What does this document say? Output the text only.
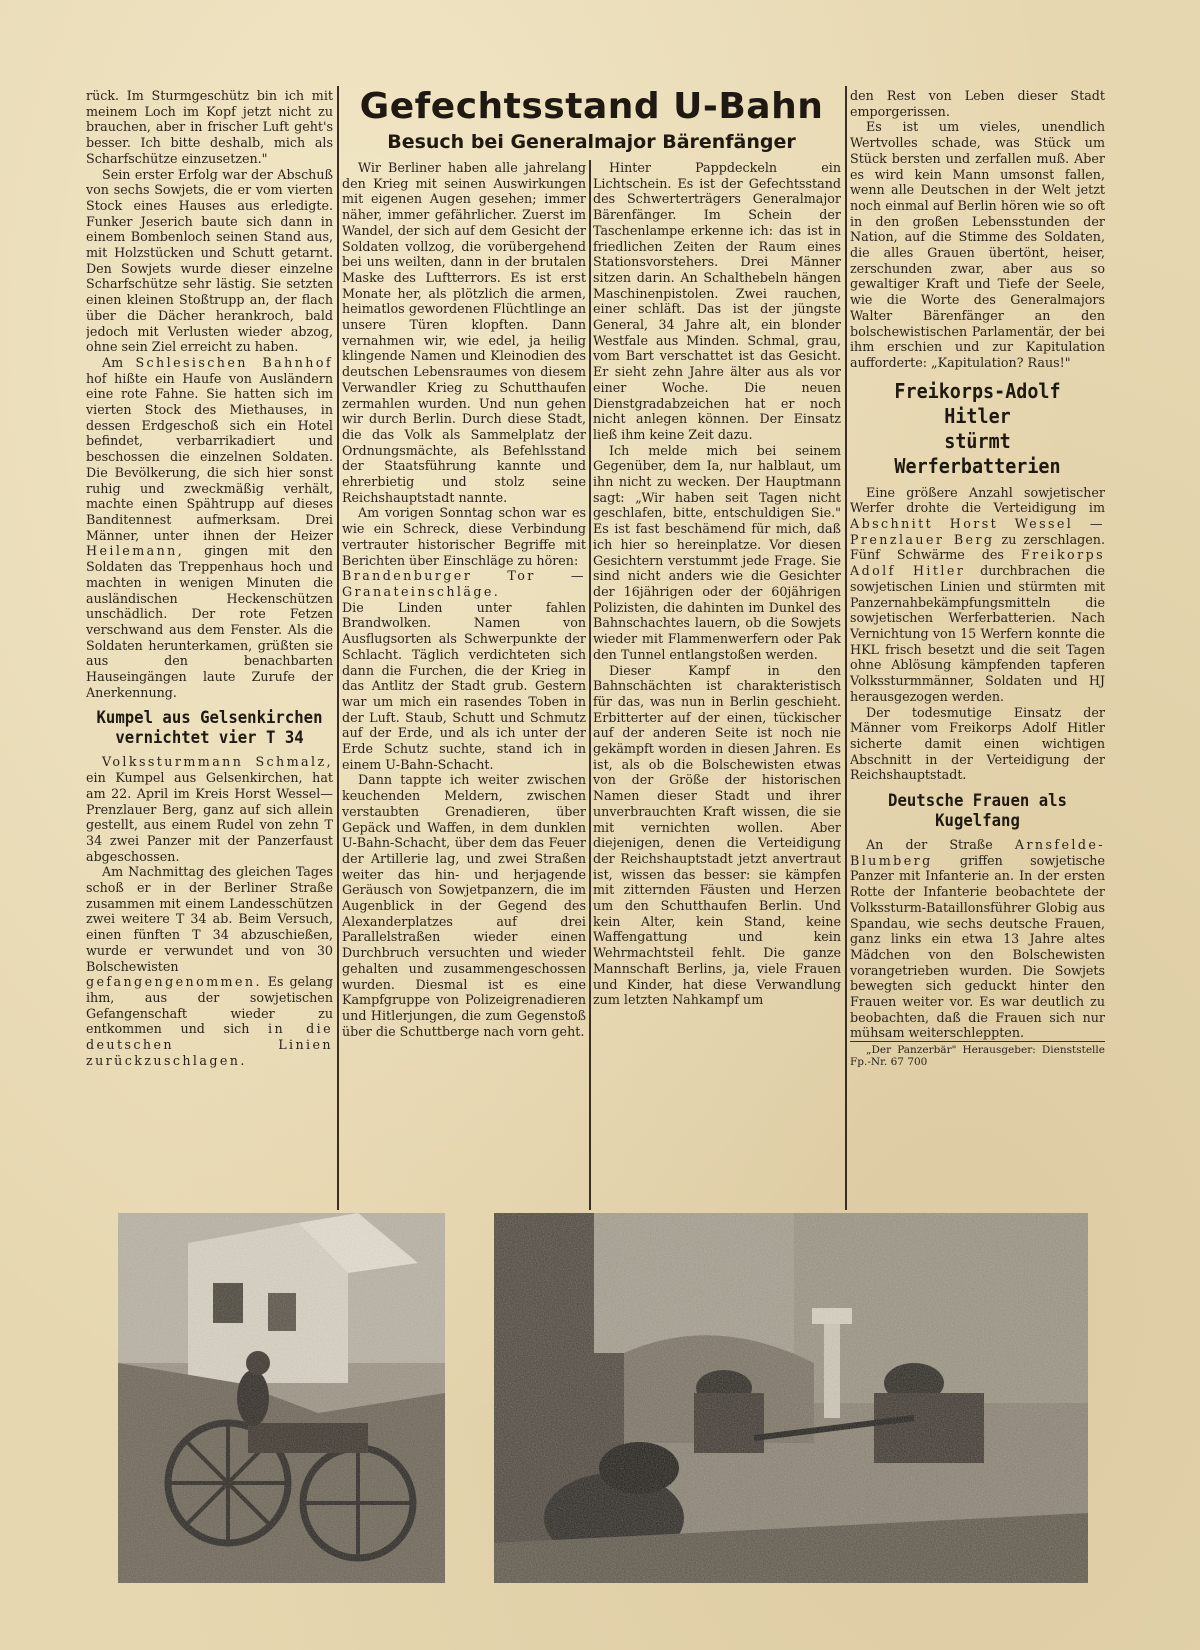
rück. Im Sturmgeschütz bin ich mit meinem Loch im Kopf jetzt nicht zu brauchen, aber in frischer Luft geht's besser. Ich bitte deshalb, mich als Scharfschütze einzusetzen."

Sein erster Erfolg war der Abschuß von sechs Sowjets, die er vom vierten Stock eines Hauses aus erledigte. Funker Jeserich baute sich dann in einem Bombenloch seinen Stand aus, mit Holzstücken und Schutt getarnt. Den Sowjets wurde dieser einzelne Scharfschütze sehr lästig. Sie setzten einen kleinen Stoßtrupp an, der flach über die Dächer herankroch, bald jedoch mit Verlusten wieder abzog, ohne sein Ziel erreicht zu haben.

Am Schlesischen Bahnhof hof hißte ein Haufe von Ausländern eine rote Fahne. Sie hatten sich im vierten Stock des Miethauses, in dessen Erdgeschoß sich ein Hotel befindet, verbarrikadiert und beschossen die einzelnen Soldaten. Die Bevölkerung, die sich hier sonst ruhig und zweckmäßig verhält, machte einen Spähtrupp auf dieses Banditennest aufmerksam. Drei Männer, unter ihnen der Heizer Heilemann, gingen mit den Soldaten das Treppenhaus hoch und machten in wenigen Minuten die ausländischen Heckenschützen unschädlich. Der rote Fetzen verschwand aus dem Fenster. Als die Soldaten herunterkamen, grüßten sie aus den benachbarten Hauseingängen laute Zurufe der Anerkennung.

Kumpel aus Gelsenkirchen
vernichtet vier T 34

Volkssturmmann Schmalz, ein Kumpel aus Gelsenkirchen, hat am 22. April im Kreis Horst Wessel—Prenzlauer Berg, ganz auf sich allein gestellt, aus einem Rudel von zehn T 34 zwei Panzer mit der Panzerfaust abgeschossen.

Am Nachmittag des gleichen Tages schoß er in der Berliner Straße zusammen mit einem Landesschützen zwei weitere T 34 ab. Beim Versuch, einen fünften T 34 abzuschießen, wurde er verwundet und von 30 Bolschewisten gefangengenommen. Es gelang ihm, aus der sowjetischen Gefangenschaft wieder zu entkommen und sich in die deutschen Linien zurückzuschlagen.

Gefechtsstand U-Bahn
Besuch bei Generalmajor Bärenfänger

Wir Berliner haben alle jahrelang den Krieg mit seinen Auswirkungen mit eigenen Augen gesehen; immer näher, immer gefährlicher. Zuerst im Wandel, der sich auf dem Gesicht der Soldaten vollzog, die vorübergehend bei uns weilten, dann in der brutalen Maske des Luftterrors. Es ist erst Monate her, als plötzlich die armen, heimatlos gewordenen Flüchtlinge an unsere Türen klopften. Dann vernahmen wir, wie edel, ja heilig klingende Namen und Kleinodien des deutschen Lebensraumes von diesem Verwandler Krieg zu Schutthaufen zermahlen wurden. Und nun gehen wir durch Berlin. Durch diese Stadt, die das Volk als Sammelplatz der Ordnungsmächte, als Befehlsstand der Staatsführung kannte und ehrerbietig und stolz seine Reichshauptstadt nannte.

Am vorigen Sonntag schon war es wie ein Schreck, diese Verbindung vertrauter historischer Begriffe mit Berichten über Einschläge zu hören:

Brandenburger Tor — Granateinschläge.

Die Linden unter fahlen Brandwolken. Namen von Ausflugsorten als Schwerpunkte der Schlacht. Täglich verdichteten sich dann die Furchen, die der Krieg in das Antlitz der Stadt grub. Gestern war um mich ein rasendes Toben in der Luft. Staub, Schutt und Schmutz auf der Erde, und als ich unter der Erde Schutz suchte, stand ich in einem U-Bahn-Schacht.

Dann tappte ich weiter zwischen keuchenden Meldern, zwischen verstaubten Grenadieren, über Gepäck und Waffen, in dem dunklen U-Bahn-Schacht, über dem das Feuer der Artillerie lag, und zwei Straßen weiter das hin- und herjagende Geräusch von Sowjetpanzern, die im Augenblick in der Gegend des Alexanderplatzes auf drei Parallelstraßen wieder einen Durchbruch versuchten und wieder gehalten und zusammengeschossen wurden. Diesmal ist es eine Kampfgruppe von Polizeigrenadieren und Hitlerjungen, die zum Gegenstoß über die Schuttberge nach vorn geht.

Hinter Pappdeckeln ein Lichtschein. Es ist der Gefechtsstand des Schwerterträgers Generalmajor Bärenfänger. Im Schein der Taschenlampe erkenne ich: das ist in friedlichen Zeiten der Raum eines Stationsvorstehers. Drei Männer sitzen darin. An Schalthebeln hängen Maschinenpistolen. Zwei rauchen, einer schläft. Das ist der jüngste General, 34 Jahre alt, ein blonder Westfale aus Minden. Schmal, grau, vom Bart verschattet ist das Gesicht. Er sieht zehn Jahre älter aus als vor einer Woche. Die neuen Dienstgradabzeichen hat er noch nicht anlegen können. Der Einsatz ließ ihm keine Zeit dazu.

Ich melde mich bei seinem Gegenüber, dem Ia, nur halblaut, um ihn nicht zu wecken. Der Hauptmann sagt: „Wir haben seit Tagen nicht geschlafen, bitte, entschuldigen Sie." Es ist fast beschämend für mich, daß ich hier so hereinplatze. Vor diesen Gesichtern verstummt jede Frage. Sie sind nicht anders wie die Gesichter der 16jährigen oder der 60jährigen Polizisten, die dahinten im Dunkel des Bahnschachtes lauern, ob die Sowjets wieder mit Flammenwerfern oder Pak den Tunnel entlangstoßen werden.

Dieser Kampf in den Bahnschächten ist charakteristisch für das, was nun in Berlin geschieht. Erbitterter auf der einen, tückischer auf der anderen Seite ist noch nie gekämpft worden in diesen Jahren. Es ist, als ob die Bolschewisten etwas von der Größe der historischen Namen dieser Stadt und ihrer unverbrauchten Kraft wissen, die sie mit vernichten wollen. Aber diejenigen, denen die Verteidigung der Reichshauptstadt jetzt anvertraut ist, wissen das besser: sie kämpfen mit zitternden Fäusten und Herzen um den Schutthaufen Berlin. Und kein Alter, kein Stand, keine Waffengattung und kein Wehrmachtsteil fehlt. Die ganze Mannschaft Berlins, ja, viele Frauen und Kinder, hat diese Verwandlung zum letzten Nahkampf um

den Rest von Leben dieser Stadt emporgerissen.

Es ist um vieles, unendlich Wertvolles schade, was Stück um Stück bersten und zerfallen muß. Aber es wird kein Mann umsonst fallen, wenn alle Deutschen in der Welt jetzt noch einmal auf Berlin hören wie so oft in den großen Lebensstunden der Nation, auf die Stimme des Soldaten, die alles Grauen übertönt, heiser, zerschunden zwar, aber aus so gewaltiger Kraft und Tiefe der Seele, wie die Worte des Generalmajors Walter Bärenfänger an den bolschewistischen Parlamentär, der bei ihm erschien und zur Kapitulation aufforderte: „Kapitulation? Raus!"

Freikorps-Adolf Hitler
stürmt Werferbatterien

Eine größere Anzahl sowjetischer Werfer drohte die Verteidigung im Abschnitt Horst Wessel — Prenzlauer Berg zu zerschlagen. Fünf Schwärme des Freikorps Adolf Hitler durchbrachen die sowjetischen Linien und stürmten mit Panzernahbekämpfungsmitteln die sowjetischen Werferbatterien. Nach Vernichtung von 15 Werfern konnte die HKL frisch besetzt und die seit Tagen ohne Ablösung kämpfenden tapferen Volkssturmmänner, Soldaten und HJ herausgezogen werden.

Der todesmutige Einsatz der Männer vom Freikorps Adolf Hitler sicherte damit einen wichtigen Abschnitt in der Verteidigung der Reichshauptstadt.

Deutsche Frauen als Kugelfang

An der Straße Arnsfelde-Blumberg griffen sowjetische Panzer mit Infanterie an. In der ersten Rotte der Infanterie beobachtete der Volkssturm-Bataillonsführer Globig aus Spandau, wie sechs deutsche Frauen, ganz links ein etwa 13 Jahre altes Mädchen von den Bolschewisten vorangetrieben wurden. Die Sowjets bewegten sich geduckt hinter den Frauen weiter vor. Es war deutlich zu beobachten, daß die Frauen sich nur mühsam weiterschleppten.

„Der Panzerbär" Herausgeber: Dienststelle Fp.-Nr. 67 700
